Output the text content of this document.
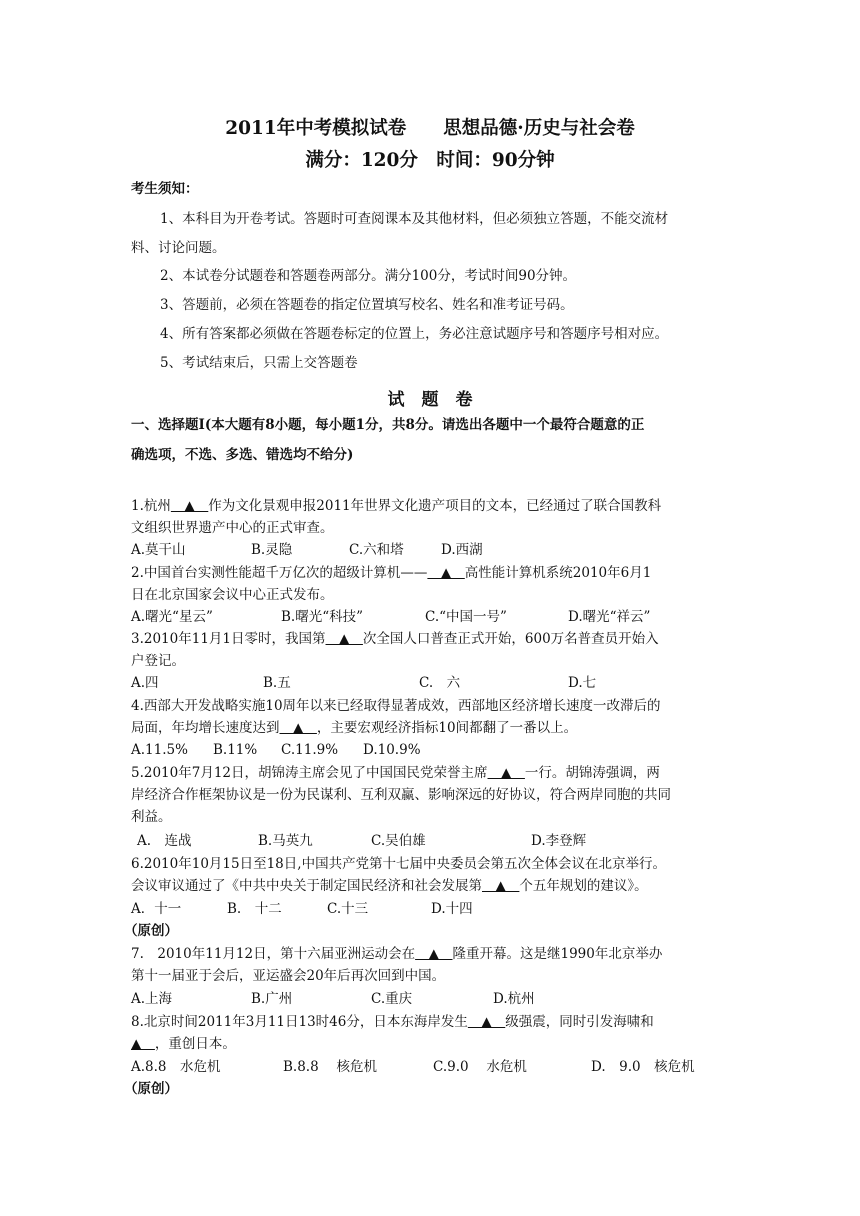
2011年中考模拟试卷　　思想品德·历史与社会卷
满分：120分　时间：90分钟
考生须知：
1、本科目为开卷考试。答题时可查阅课本及其他材料，但必须独立答题，不能交流材
料、讨论问题。
2、本试卷分试题卷和答题卷两部分。满分100分，考试时间90分钟。
3、答题前，必须在答题卷的指定位置填写校名、姓名和准考证号码。
4、所有答案都必须做在答题卷标定的位置上，务必注意试题序号和答题序号相对应。
5、考试结束后，只需上交答题卷
试　题　卷
一、选择题Ⅰ(本大题有8小题，每小题1分，共8分。请选出各题中一个最符合题意的正
确选项，不选、多选、错选均不给分)
1.杭州　▲　作为文化景观申报2011年世界文化遗产项目的文本，已经通过了联合国教科
文组织世界遗产中心的正式审查。
A.莫干山	B.灵隐	C.六和塔	D.西湖
2.中国首台实测性能超千万亿次的超级计算机——　▲　高性能计算机系统2010年6月1
日在北京国家会议中心正式发布。
A.曙光“星云”	B.曙光“科技”	C.“中国一号”	D.曙光“祥云”
3.2010年11月1日零时，我国第　▲　次全国人口普查正式开始，600万名普查员开始入
户登记。
A.四	B.五	C.　六	D.七
4.西部大开发战略实施10周年以来已经取得显著成效，西部地区经济增长速度一改滞后的
局面，年均增长速度达到　▲　，主要宏观经济指标10间都翻了一番以上。
A.11.5% B.11% C.11.9% D.10.9%
5.2010年7月12日，胡锦涛主席会见了中国国民党荣誉主席　▲　一行。胡锦涛强调，两
岸经济合作框架协议是一份为民谋利、互利双赢、影响深远的好协议，符合两岸同胞的共同
利益。
A.　连战	B.马英九	C.吴伯雄	D.李登辉
6.2010年10月15日至18日,中国共产党第十七届中央委员会第五次全体会议在北京举行。
会议审议通过了《中共中央关于制定国民经济和社会发展第　▲　个五年规划的建议》。
A．十一	B.　十二	C.十三	D.十四
（原创）
7.　2010年11月12日，第十六届亚洲运动会在　▲　隆重开幕。这是继1990年北京举办
第十一届亚于会后，亚运盛会20年后再次回到中国。
A.上海	B.广州	C.重庆	D.杭州
8.北京时间2011年3月11日13时46分，日本东海岸发生　▲　级强震，同时引发海啸和
▲　，重创日本。
A.8.8　水危机	B.8.8　 核危机	C.9.0　 水危机	D.　9.0　核危机
（原创）
